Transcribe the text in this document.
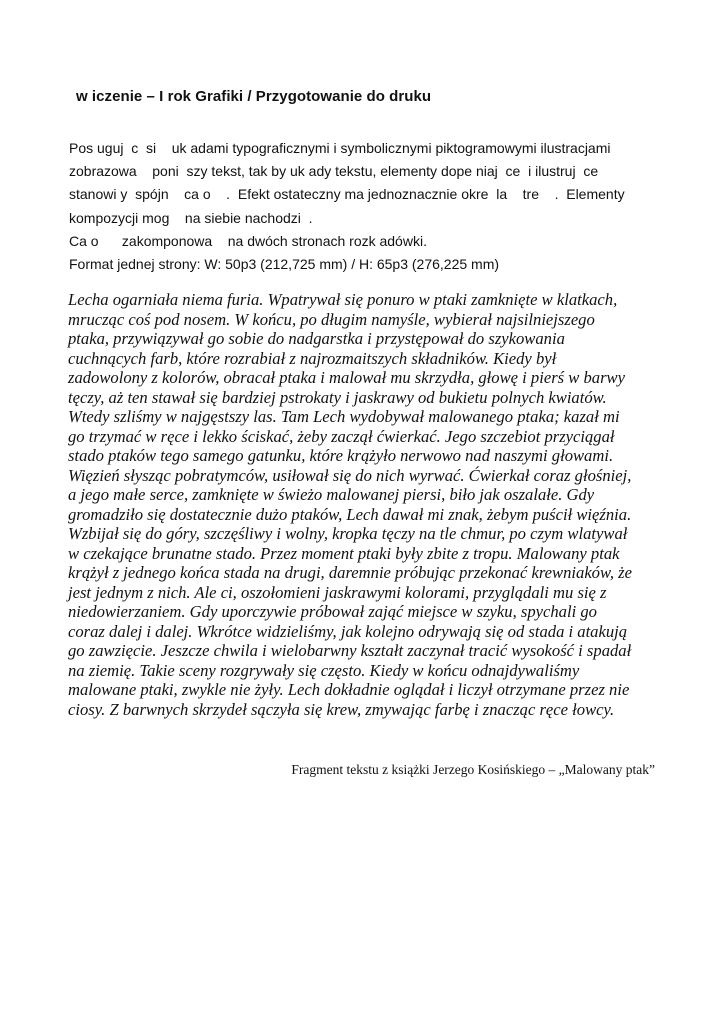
w iczenie – I rok Grafiki / Przygotowanie do druku
Pos uguj  c  si    uk adami typograficznymi i symbolicznymi piktogramowymi ilustracjami
zobrazowa    poni  szy tekst, tak by uk ady tekstu, elementy dope niaj  ce  i ilustruj  ce
stanowi y  spójn    ca o    .  Efekt ostateczny ma jednoznacznie okre  la    tre    .  Elementy
kompozycji mog    na siebie nachodzi  .
Ca o      zakomponowa    na dwóch stronach rozk adówki.
Format jednej strony: W: 50p3 (212,725 mm) / H: 65p3 (276,225 mm)
Lecha ogarniała niema furia. Wpatrywał się ponuro w ptaki zamknięte w klatkach,
mrucząc coś pod nosem. W końcu, po długim namyśle, wybierał najsilniejszego
ptaka, przywiązywał go sobie do nadgarstka i przystępował do szykowania
cuchnących farb, które rozrabiał z najrozmaitszych składników. Kiedy był
zadowolony z kolorów, obracał ptaka i malował mu skrzydła, głowę i pierś w barwy
tęczy, aż ten stawał się bardziej pstrokaty i jaskrawy od bukietu polnych kwiatów.
Wtedy szliśmy w najgęstszy las. Tam Lech wydobywał malowanego ptaka; kazał mi
go trzymać w ręce i lekko ściskać, żeby zaczął ćwierkać. Jego szczebiot przyciągał
stado ptaków tego samego gatunku, które krążyło nerwowo nad naszymi głowami.
Więzień słysząc pobratymców, usiłował się do nich wyrwać. Ćwierkał coraz głośniej,
a jego małe serce, zamknięte w świeżo malowanej piersi, biło jak oszalałe. Gdy
gromadziło się dostatecznie dużo ptaków, Lech dawał mi znak, żebym puścił więźnia.
Wzbijał się do góry, szczęśliwy i wolny, kropka tęczy na tle chmur, po czym wlatywał
w czekające brunatne stado. Przez moment ptaki były zbite z tropu. Malowany ptak
krążył z jednego końca stada na drugi, daremnie próbując przekonać krewniaków, że
jest jednym z nich. Ale ci, oszołomieni jaskrawymi kolorami, przyglądali mu się z
niedowierzaniem. Gdy uporczywie próbował zająć miejsce w szyku, spychali go
coraz dalej i dalej. Wkrótce widzieliśmy, jak kolejno odrywają się od stada i atakują
go zawzięcie. Jeszcze chwila i wielobarwny kształt zaczynał tracić wysokość i spadał
na ziemię. Takie sceny rozgrywały się często. Kiedy w końcu odnajdywaliśmy
malowane ptaki, zwykle nie żyły. Lech dokładnie oglądał i liczył otrzymane przez nie
ciosy. Z barwnych skrzydeł sączyła się krew, zmywając farbę i znacząc ręce łowcy.
Fragment tekstu z książki Jerzego Kosińskiego – „Malowany ptak”
